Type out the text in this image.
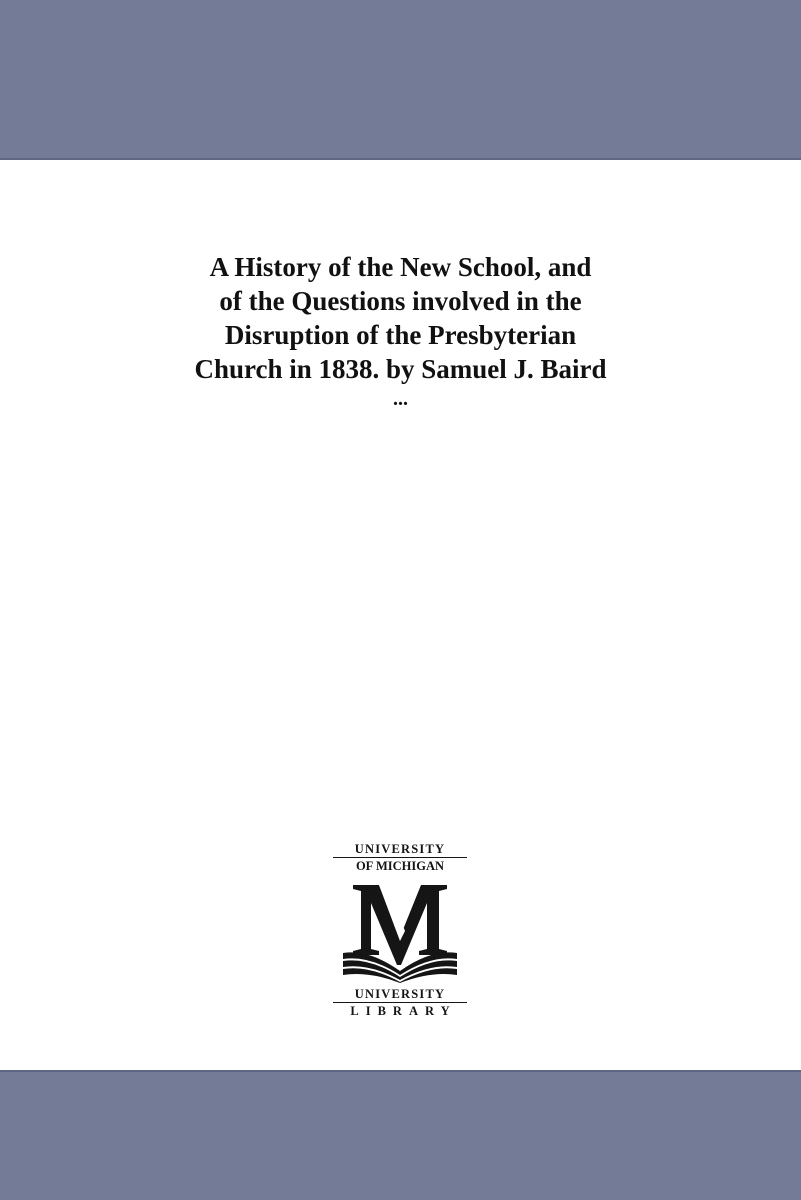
A History of the New School, and
of the Questions involved in the
Disruption of the Presbyterian
Church in 1838. by Samuel J. Baird
...
UNIVERSITY
OF MICHIGAN
UNIVERSITY
LIBRARY
